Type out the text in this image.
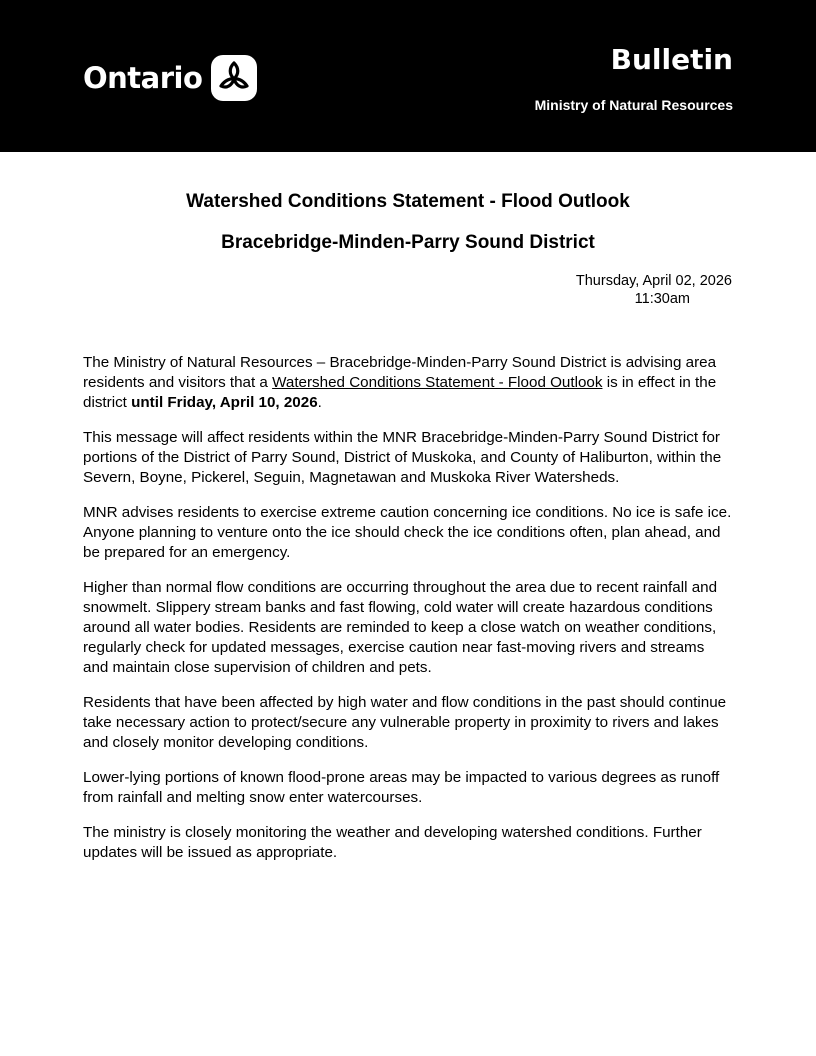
Ontario
Bulletin
Ministry of Natural Resources
Watershed Conditions Statement - Flood Outlook
Bracebridge-Minden-Parry Sound District
Thursday, April 02, 2026
11:30am

The Ministry of Natural Resources – Bracebridge-Minden-Parry Sound District is advising area residents and visitors that a Watershed Conditions Statement - Flood Outlook is in effect in the district until Friday, April 10, 2026.

This message will affect residents within the MNR Bracebridge-Minden-Parry Sound District for portions of the District of Parry Sound, District of Muskoka, and County of Haliburton, within the Severn, Boyne, Pickerel, Seguin, Magnetawan and Muskoka River Watersheds.

MNR advises residents to exercise extreme caution concerning ice conditions. No ice is safe ice. Anyone planning to venture onto the ice should check the ice conditions often, plan ahead, and be prepared for an emergency.

Higher than normal flow conditions are occurring throughout the area due to recent rainfall and snowmelt. Slippery stream banks and fast flowing, cold water will create hazardous conditions around all water bodies. Residents are reminded to keep a close watch on weather conditions, regularly check for updated messages, exercise caution near fast-moving rivers and streams and maintain close supervision of children and pets.

Residents that have been affected by high water and flow conditions in the past should continue take necessary action to protect/secure any vulnerable property in proximity to rivers and lakes and closely monitor developing conditions.

Lower-lying portions of known flood-prone areas may be impacted to various degrees as runoff from rainfall and melting snow enter watercourses.

The ministry is closely monitoring the weather and developing watershed conditions. Further updates will be issued as appropriate.
